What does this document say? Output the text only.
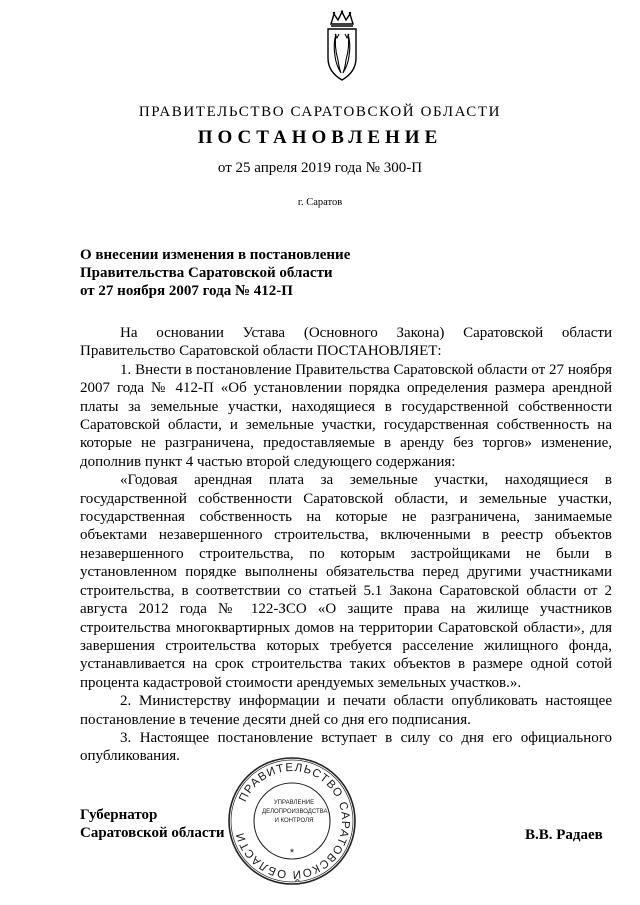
ПРАВИТЕЛЬСТВО САРАТОВСКОЙ ОБЛАСТИ
ПОСТАНОВЛЕНИЕ
от 25 апреля 2019 года № 300-П
г. Саратов
О внесении изменения в постановление
Правительства Саратовской области
от 27 ноября 2007 года № 412-П

На основании Устава (Основного Закона) Саратовской области Правительство Саратовской области ПОСТАНОВЛЯЕТ:

1. Внести в постановление Правительства Саратовской области от 27 ноября 2007 года № 412-П «Об установлении порядка определения размера арендной платы за земельные участки, находящиеся в государственной собственности Саратовской области, и земельные участки, государственная собственность на которые не разграничена, предоставляемые в аренду без торгов» изменение, дополнив пункт 4 частью второй следующего содержания:

«Годовая арендная плата за земельные участки, находящиеся в государственной собственности Саратовской области, и земельные участки, государственная собственность на которые не разграничена, занимаемые объектами незавершенного строительства, включенными в реестр объектов незавершенного строительства, по которым застройщиками не были в установленном порядке выполнены обязательства перед другими участниками строительства, в соответствии со статьей 5.1 Закона Саратовской области от 2 августа 2012 года № 122-ЗСО «О защите права на жилище участников строительства многоквартирных домов на территории Саратовской области», для завершения строительства которых требуется расселение жилищного фонда, устанавливается на срок строительства таких объектов в размере одной сотой процента кадастровой стоимости арендуемых земельных участков.».

2. Министерству информации и печати области опубликовать настоящее постановление в течение десяти дней со дня его подписания.

3. Настоящее постановление вступает в силу со дня его официального опубликования.

Губернатор
Саратовской области	В.В. Радаев
ПРАВИТЕЛЬСТВО САРАТОВСКОЙ ОБЛАСТИ
*
УПРАВЛЕНИЕ
ДЕЛОПРОИЗВОДСТВА
И КОНТРОЛЯ
